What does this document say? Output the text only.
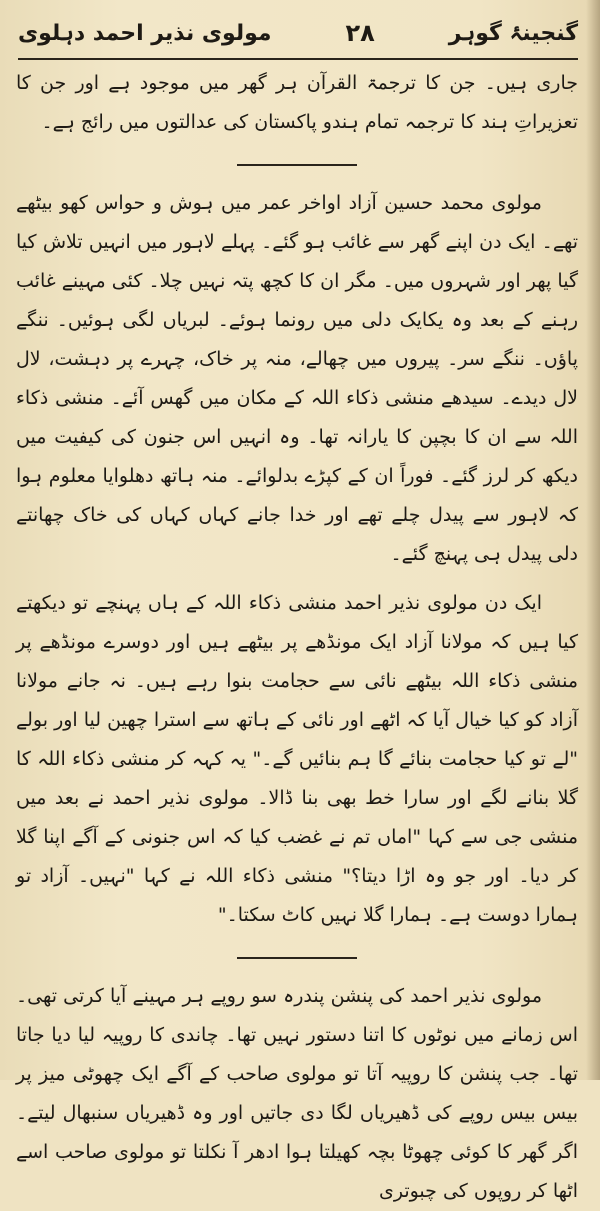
گنجینۂ گوہر
۲۸
مولوی نذیر احمد دہلوی

جاری ہیں۔ جن کا ترجمۃ القرآن ہر گھر میں موجود ہے اور جن کا تعزیراتِ ہند کا ترجمہ تمام ہندو پاکستان کی عدالتوں میں رائج ہے۔

مولوی محمد حسین آزاد اواخر عمر میں ہوش و حواس کھو بیٹھے تھے۔ ایک دن اپنے گھر سے غائب ہو گئے۔ پہلے لاہور میں انہیں تلاش کیا گیا پھر اور شہروں میں۔ مگر ان کا کچھ پتہ نہیں چلا۔ کئی مہینے غائب رہنے کے بعد وہ یکایک دلی میں رونما ہوئے۔ لبریاں لگی ہوئیں۔ ننگے پاؤں۔ ننگے سر۔ پیروں میں چھالے، منہ پر خاک، چہرے پر دہشت، لال لال دیدے۔ سیدھے منشی ذکاء اللہ کے مکان میں گھس آئے۔ منشی ذکاء اللہ سے ان کا بچپن کا یارانہ تھا۔ وہ انہیں اس جنون کی کیفیت میں دیکھ کر لرز گئے۔ فوراً ان کے کپڑے بدلوائے۔ منہ ہاتھ دھلوایا معلوم ہوا کہ لاہور سے پیدل چلے تھے اور خدا جانے کہاں کہاں کی خاک چھانتے دلی پیدل ہی پہنچ گئے۔

ایک دن مولوی نذیر احمد منشی ذکاء اللہ کے ہاں پہنچے تو دیکھتے کیا ہیں کہ مولانا آزاد ایک مونڈھے پر بیٹھے ہیں اور دوسرے مونڈھے پر منشی ذکاء اللہ بیٹھے نائی سے حجامت بنوا رہے ہیں۔ نہ جانے مولانا آزاد کو کیا خیال آیا کہ اٹھے اور نائی کے ہاتھ سے استرا چھین لیا اور بولے "لے تو کیا حجامت بنائے گا ہم بنائیں گے۔" یہ کہہ کر منشی ذکاء اللہ کا گلا بنانے لگے اور سارا خط بھی بنا ڈالا۔ مولوی نذیر احمد نے بعد میں منشی جی سے کہا "اماں تم نے غضب کیا کہ اس جنونی کے آگے اپنا گلا کر دیا۔ اور جو وہ اڑا دیتا؟" منشی ذکاء اللہ نے کہا "نہیں۔ آزاد تو ہمارا دوست ہے۔ ہمارا گلا نہیں کاٹ سکتا۔"

مولوی نذیر احمد کی پنشن پندرہ سو روپے ہر مہینے آیا کرتی تھی۔ اس زمانے میں نوٹوں کا اتنا دستور نہیں تھا۔ چاندی کا روپیہ لیا دیا جاتا تھا۔ جب پنشن کا روپیہ آتا تو مولوی صاحب کے آگے ایک چھوٹی میز پر بیس بیس روپے کی ڈھیریاں لگا دی جاتیں اور وہ ڈھیریاں سنبھال لیتے۔ اگر گھر کا کوئی چھوٹا بچہ کھیلتا ہوا ادھر آ نکلتا تو مولوی صاحب اسے اٹھا کر روپوں کی چبوتری
